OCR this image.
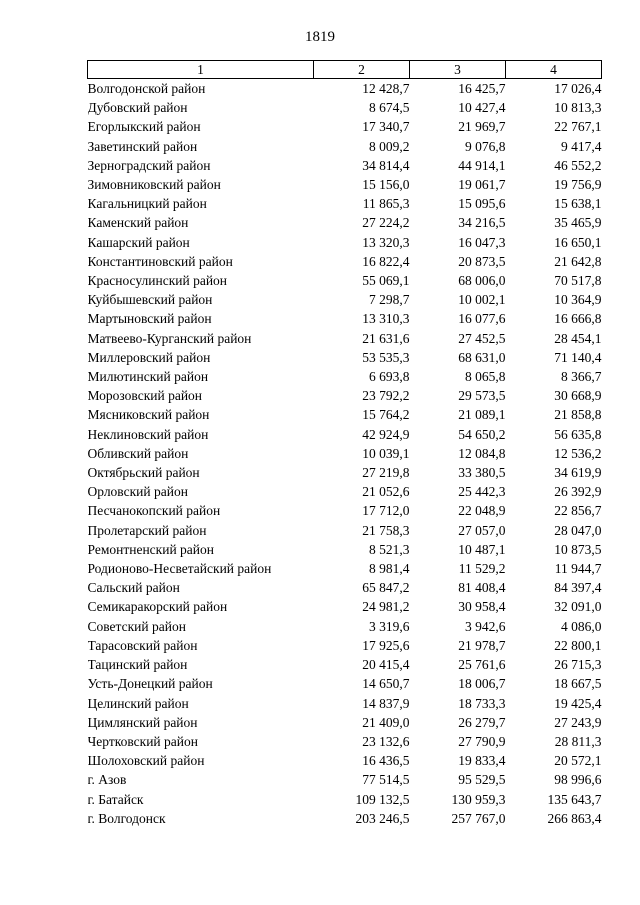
1819
1	2	3	4
Волгодонской район	12 428,7	16 425,7	17 026,4
Дубовский район	8 674,5	10 427,4	10 813,3
Егорлыкский район	17 340,7	21 969,7	22 767,1
Заветинский район	8 009,2	9 076,8	9 417,4
Зерноградский район	34 814,4	44 914,1	46 552,2
Зимовниковский район	15 156,0	19 061,7	19 756,9
Кагальницкий район	11 865,3	15 095,6	15 638,1
Каменский район	27 224,2	34 216,5	35 465,9
Кашарский район	13 320,3	16 047,3	16 650,1
Константиновский район	16 822,4	20 873,5	21 642,8
Красносулинский район	55 069,1	68 006,0	70 517,8
Куйбышевский район	7 298,7	10 002,1	10 364,9
Мартыновский район	13 310,3	16 077,6	16 666,8
Матвеево-Курганский район	21 631,6	27 452,5	28 454,1
Миллеровский район	53 535,3	68 631,0	71 140,4
Милютинский район	6 693,8	8 065,8	8 366,7
Морозовский район	23 792,2	29 573,5	30 668,9
Мясниковский район	15 764,2	21 089,1	21 858,8
Неклиновский район	42 924,9	54 650,2	56 635,8
Обливский район	10 039,1	12 084,8	12 536,2
Октябрьский район	27 219,8	33 380,5	34 619,9
Орловский район	21 052,6	25 442,3	26 392,9
Песчанокопский район	17 712,0	22 048,9	22 856,7
Пролетарский район	21 758,3	27 057,0	28 047,0
Ремонтненский район	8 521,3	10 487,1	10 873,5
Родионово-Несветайский район	8 981,4	11 529,2	11 944,7
Сальский район	65 847,2	81 408,4	84 397,4
Семикаракорский район	24 981,2	30 958,4	32 091,0
Советский район	3 319,6	3 942,6	4 086,0
Тарасовский район	17 925,6	21 978,7	22 800,1
Тацинский район	20 415,4	25 761,6	26 715,3
Усть-Донецкий район	14 650,7	18 006,7	18 667,5
Целинский район	14 837,9	18 733,3	19 425,4
Цимлянский район	21 409,0	26 279,7	27 243,9
Чертковский район	23 132,6	27 790,9	28 811,3
Шолоховский район	16 436,5	19 833,4	20 572,1
г. Азов	77 514,5	95 529,5	98 996,6
г. Батайск	109 132,5	130 959,3	135 643,7
г. Волгодонск	203 246,5	257 767,0	266 863,4
